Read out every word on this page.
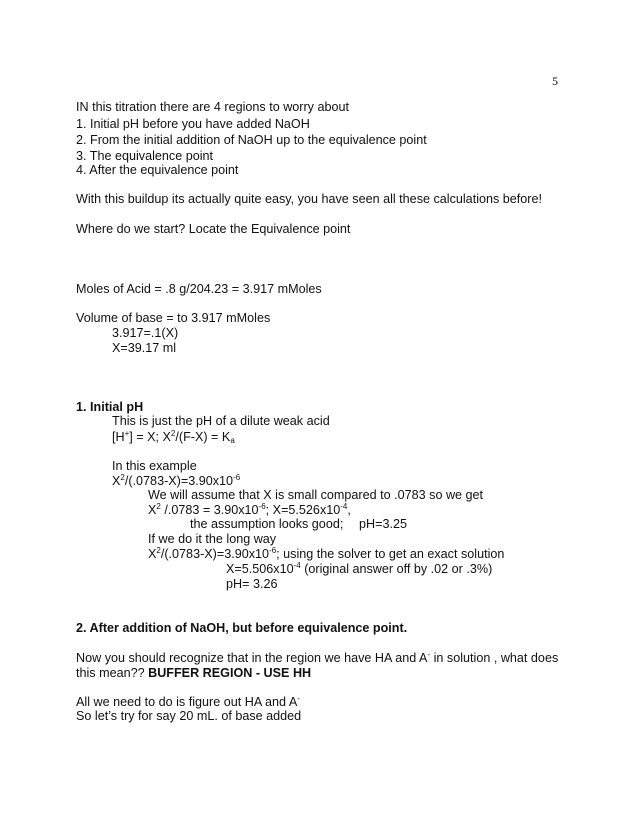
5
IN this titration there are 4 regions to worry about
1. Initial pH before you have added NaOH
2. From the initial addition of NaOH up to the equivalence point
3. The equivalence point
4. After the equivalence point
With this buildup its actually quite easy, you have seen all these calculations before!
Where do we start? Locate the Equivalence point
Moles of Acid = .8 g/204.23 = 3.917 mMoles
Volume of base = to 3.917 mMoles
3.917=.1(X)
X=39.17 ml
1. Initial pH
This is just the pH of a dilute weak acid
[H+] = X; $X^2/(F-X) = K_a$
In this example
$X^2/(.0783-X)=3.90x10^{-6}$
We will assume that X is small compared to .0783 so we get
$X^2$ $/.0783 = 3.90x10^{-6}$; $X=5.526x10^{-4}$,
the assumption looks good; pH=3.25
If we do it the long way
$X^2/(.0783-X)=3.90x10^{-6}$; using the solver to get an exact solution
$X=5.506x10^{-4}$ (original answer off by .02 or .3%)
pH= 3.26
2. After addition of NaOH, but before equivalence point.
Now you should recognize that in the region we have HA and A- in solution , what does
this mean?? BUFFER REGION - USE HH
All we need to do is figure out HA and A-
So let’s try for say 20 mL. of base added
